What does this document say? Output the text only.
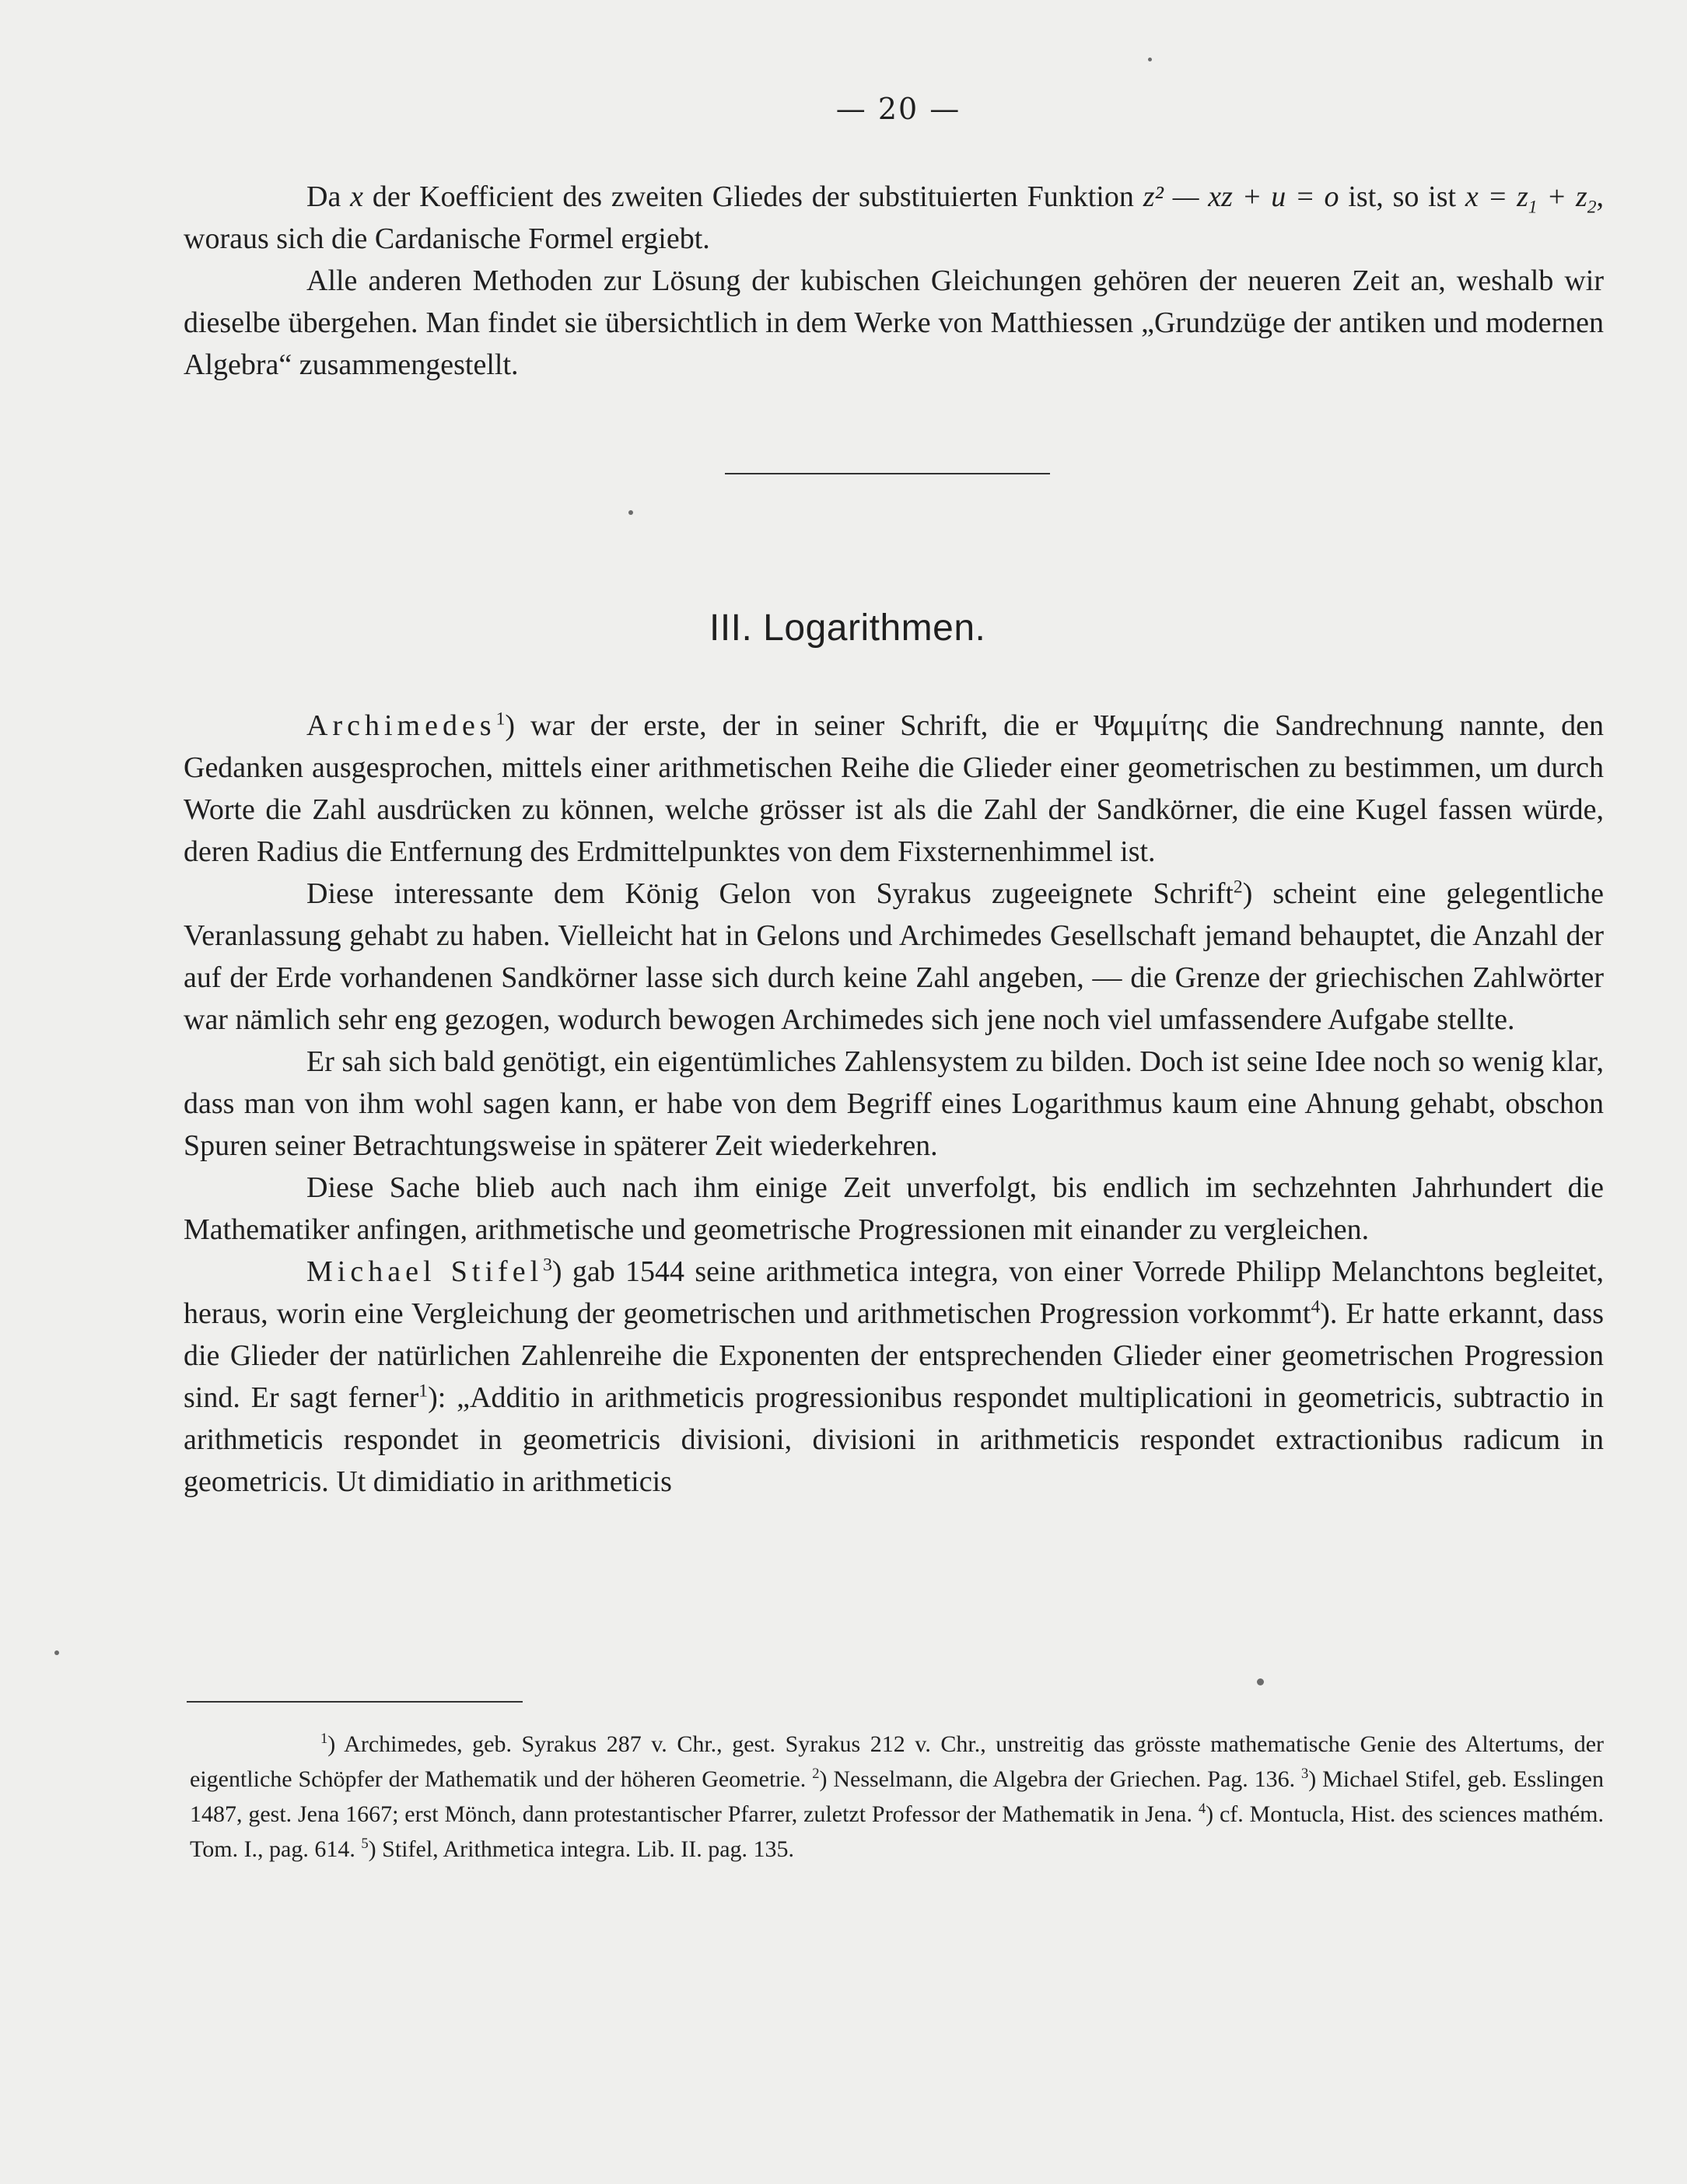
— 20 —

Da x der Koefficient des zweiten Gliedes der substituierten Funktion z² — xz + u = o ist, so ist $x = z_1 + z_2$, woraus sich die Cardanische Formel ergiebt.

Alle anderen Methoden zur Lösung der kubischen Gleichungen gehören der neueren Zeit an, weshalb wir dieselbe übergehen. Man findet sie übersichtlich in dem Werke von Matthiessen „Grundzüge der antiken und modernen Algebra“ zusammengestellt.

III. Logarithmen.

Archimedes$^1$) war der erste, der in seiner Schrift, die er Ψαμμίτης die Sandrechnung nannte, den Gedanken ausgesprochen, mittels einer arithmetischen Reihe die Glieder einer geometrischen zu bestimmen, um durch Worte die Zahl ausdrücken zu können, welche grösser ist als die Zahl der Sandkörner, die eine Kugel fassen würde, deren Radius die Entfernung des Erdmittelpunktes von dem Fixsternenhimmel ist.

Diese interessante dem König Gelon von Syrakus zugeeignete Schrift$^2$) scheint eine gelegentliche Veranlassung gehabt zu haben. Vielleicht hat in Gelons und Archimedes Gesellschaft jemand behauptet, die Anzahl der auf der Erde vorhandenen Sandkörner lasse sich durch keine Zahl angeben, — die Grenze der griechischen Zahlwörter war nämlich sehr eng gezogen, wodurch bewogen Archimedes sich jene noch viel umfassendere Aufgabe stellte.

Er sah sich bald genötigt, ein eigentümliches Zahlensystem zu bilden. Doch ist seine Idee noch so wenig klar, dass man von ihm wohl sagen kann, er habe von dem Begriff eines Logarithmus kaum eine Ahnung gehabt, obschon Spuren seiner Betrachtungsweise in späterer Zeit wiederkehren.

Diese Sache blieb auch nach ihm einige Zeit unverfolgt, bis endlich im sechzehnten Jahrhundert die Mathematiker anfingen, arithmetische und geometrische Progressionen mit einander zu vergleichen.

Michael Stifel$^3$) gab 1544 seine arithmetica integra, von einer Vorrede Philipp Melanchtons begleitet, heraus, worin eine Vergleichung der geometrischen und arithmetischen Progression vorkommt$^4$). Er hatte erkannt, dass die Glieder der natürlichen Zahlenreihe die Exponenten der entsprechenden Glieder einer geometrischen Progression sind. Er sagt ferner$^1$): „Additio in arithmeticis progressionibus respondet multiplicationi in geometricis, subtractio in arithmeticis respondet in geometricis divisioni, divisioni in arithmeticis respondet extractionibus radicum in geometricis. Ut dimidiatio in arithmeticis

$^1$) Archimedes, geb. Syrakus 287 v. Chr., gest. Syrakus 212 v. Chr., unstreitig das grösste mathematische Genie des Altertums, der eigentliche Schöpfer der Mathematik und der höheren Geometrie. $^2$) Nesselmann, die Algebra der Griechen. Pag. 136. $^3$) Michael Stifel, geb. Esslingen 1487, gest. Jena 1667; erst Mönch, dann protestantischer Pfarrer, zuletzt Professor der Mathematik in Jena. $^4$) cf. Montucla, Hist. des sciences mathém. Tom. I., pag. 614. $^5$) Stifel, Arithmetica integra. Lib. II. pag. 135.
